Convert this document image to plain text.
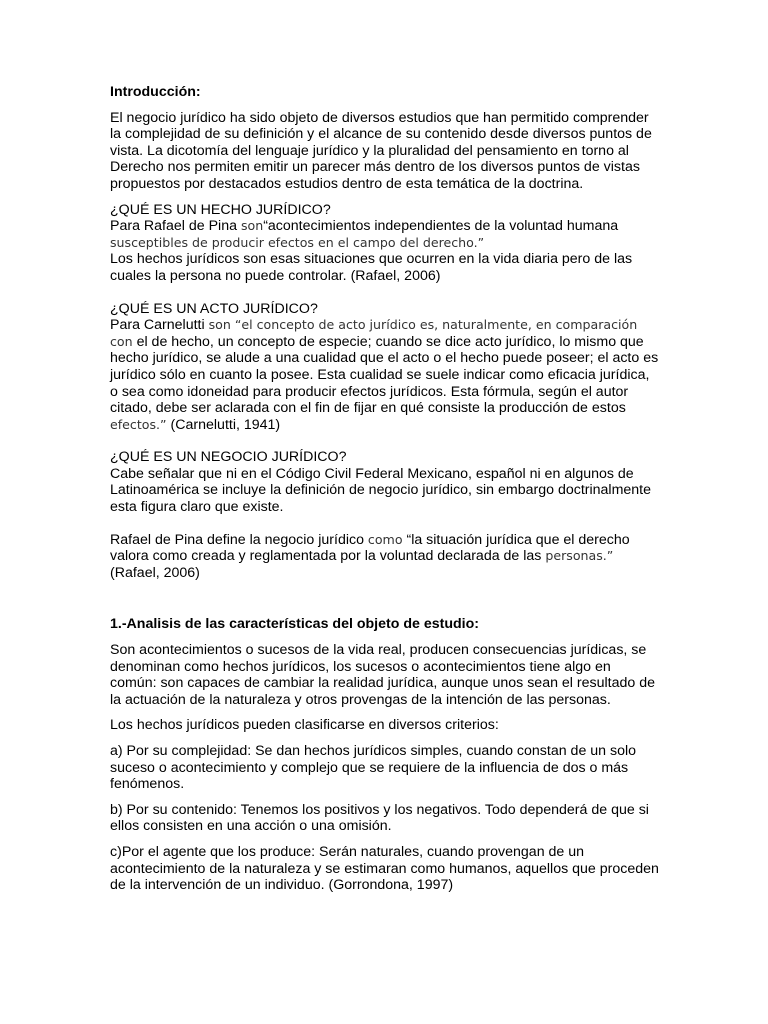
Introducción:

El negocio jurídico ha sido objeto de diversos estudios que han permitido comprender la complejidad de su definición y el alcance de su contenido desde diversos puntos de vista. La dicotomía del lenguaje jurídico y la pluralidad del pensamiento en torno al Derecho nos permiten emitir un parecer más dentro de los diversos puntos de vistas propuestos por destacados estudios dentro de esta temática de la doctrina.

¿QUÉ ES UN HECHO JURÍDICO?

Para Rafael de Pina son“acontecimientos independientes de la voluntad humana susceptibles de producir efectos en el campo del derecho.”

Los hechos jurídicos son esas situaciones que ocurren en la vida diaria pero de las cuales la persona no puede controlar. (Rafael, 2006)

¿QUÉ ES UN ACTO JURÍDICO?

Para Carnelutti son “el concepto de acto jurídico es, naturalmente, en comparación con el de hecho, un concepto de especie; cuando se dice acto jurídico, lo mismo que hecho jurídico, se alude a una cualidad que el acto o el hecho puede poseer; el acto es jurídico sólo en cuanto la posee. Esta cualidad se suele indicar como eficacia jurídica, o sea como idoneidad para producir efectos jurídicos. Esta fórmula, según el autor citado, debe ser aclarada con el fin de fijar en qué consiste la producción de estos efectos.” (Carnelutti, 1941)

¿QUÉ ES UN NEGOCIO JURÍDICO?

Cabe señalar que ni en el Código Civil Federal Mexicano, español ni en algunos de Latinoamérica se incluye la definición de negocio jurídico, sin embargo doctrinalmente esta figura claro que existe.

Rafael de Pina define la negocio jurídico como “la situación jurídica que el derecho valora como creada y reglamentada por la voluntad declarada de las personas.”

(Rafael, 2006)

1.-Analisis de las características del objeto de estudio:

Son acontecimientos o sucesos de la vida real, producen consecuencias jurídicas, se denominan como hechos jurídicos, los sucesos o acontecimientos tiene algo en común: son capaces de cambiar la realidad jurídica, aunque unos sean el resultado de la actuación de la naturaleza y otros provengas de la intención de las personas.

Los hechos jurídicos pueden clasificarse en diversos criterios:

a) Por su complejidad: Se dan hechos jurídicos simples, cuando constan de un solo suceso o acontecimiento y complejo que se requiere de la influencia de dos o más fenómenos.

b) Por su contenido: Tenemos los positivos y los negativos. Todo dependerá de que si ellos consisten en una acción o una omisión.

c)Por el agente que los produce: Serán naturales, cuando provengan de un acontecimiento de la naturaleza y se estimaran como humanos, aquellos que proceden de la intervención de un individuo. (Gorrondona, 1997)
